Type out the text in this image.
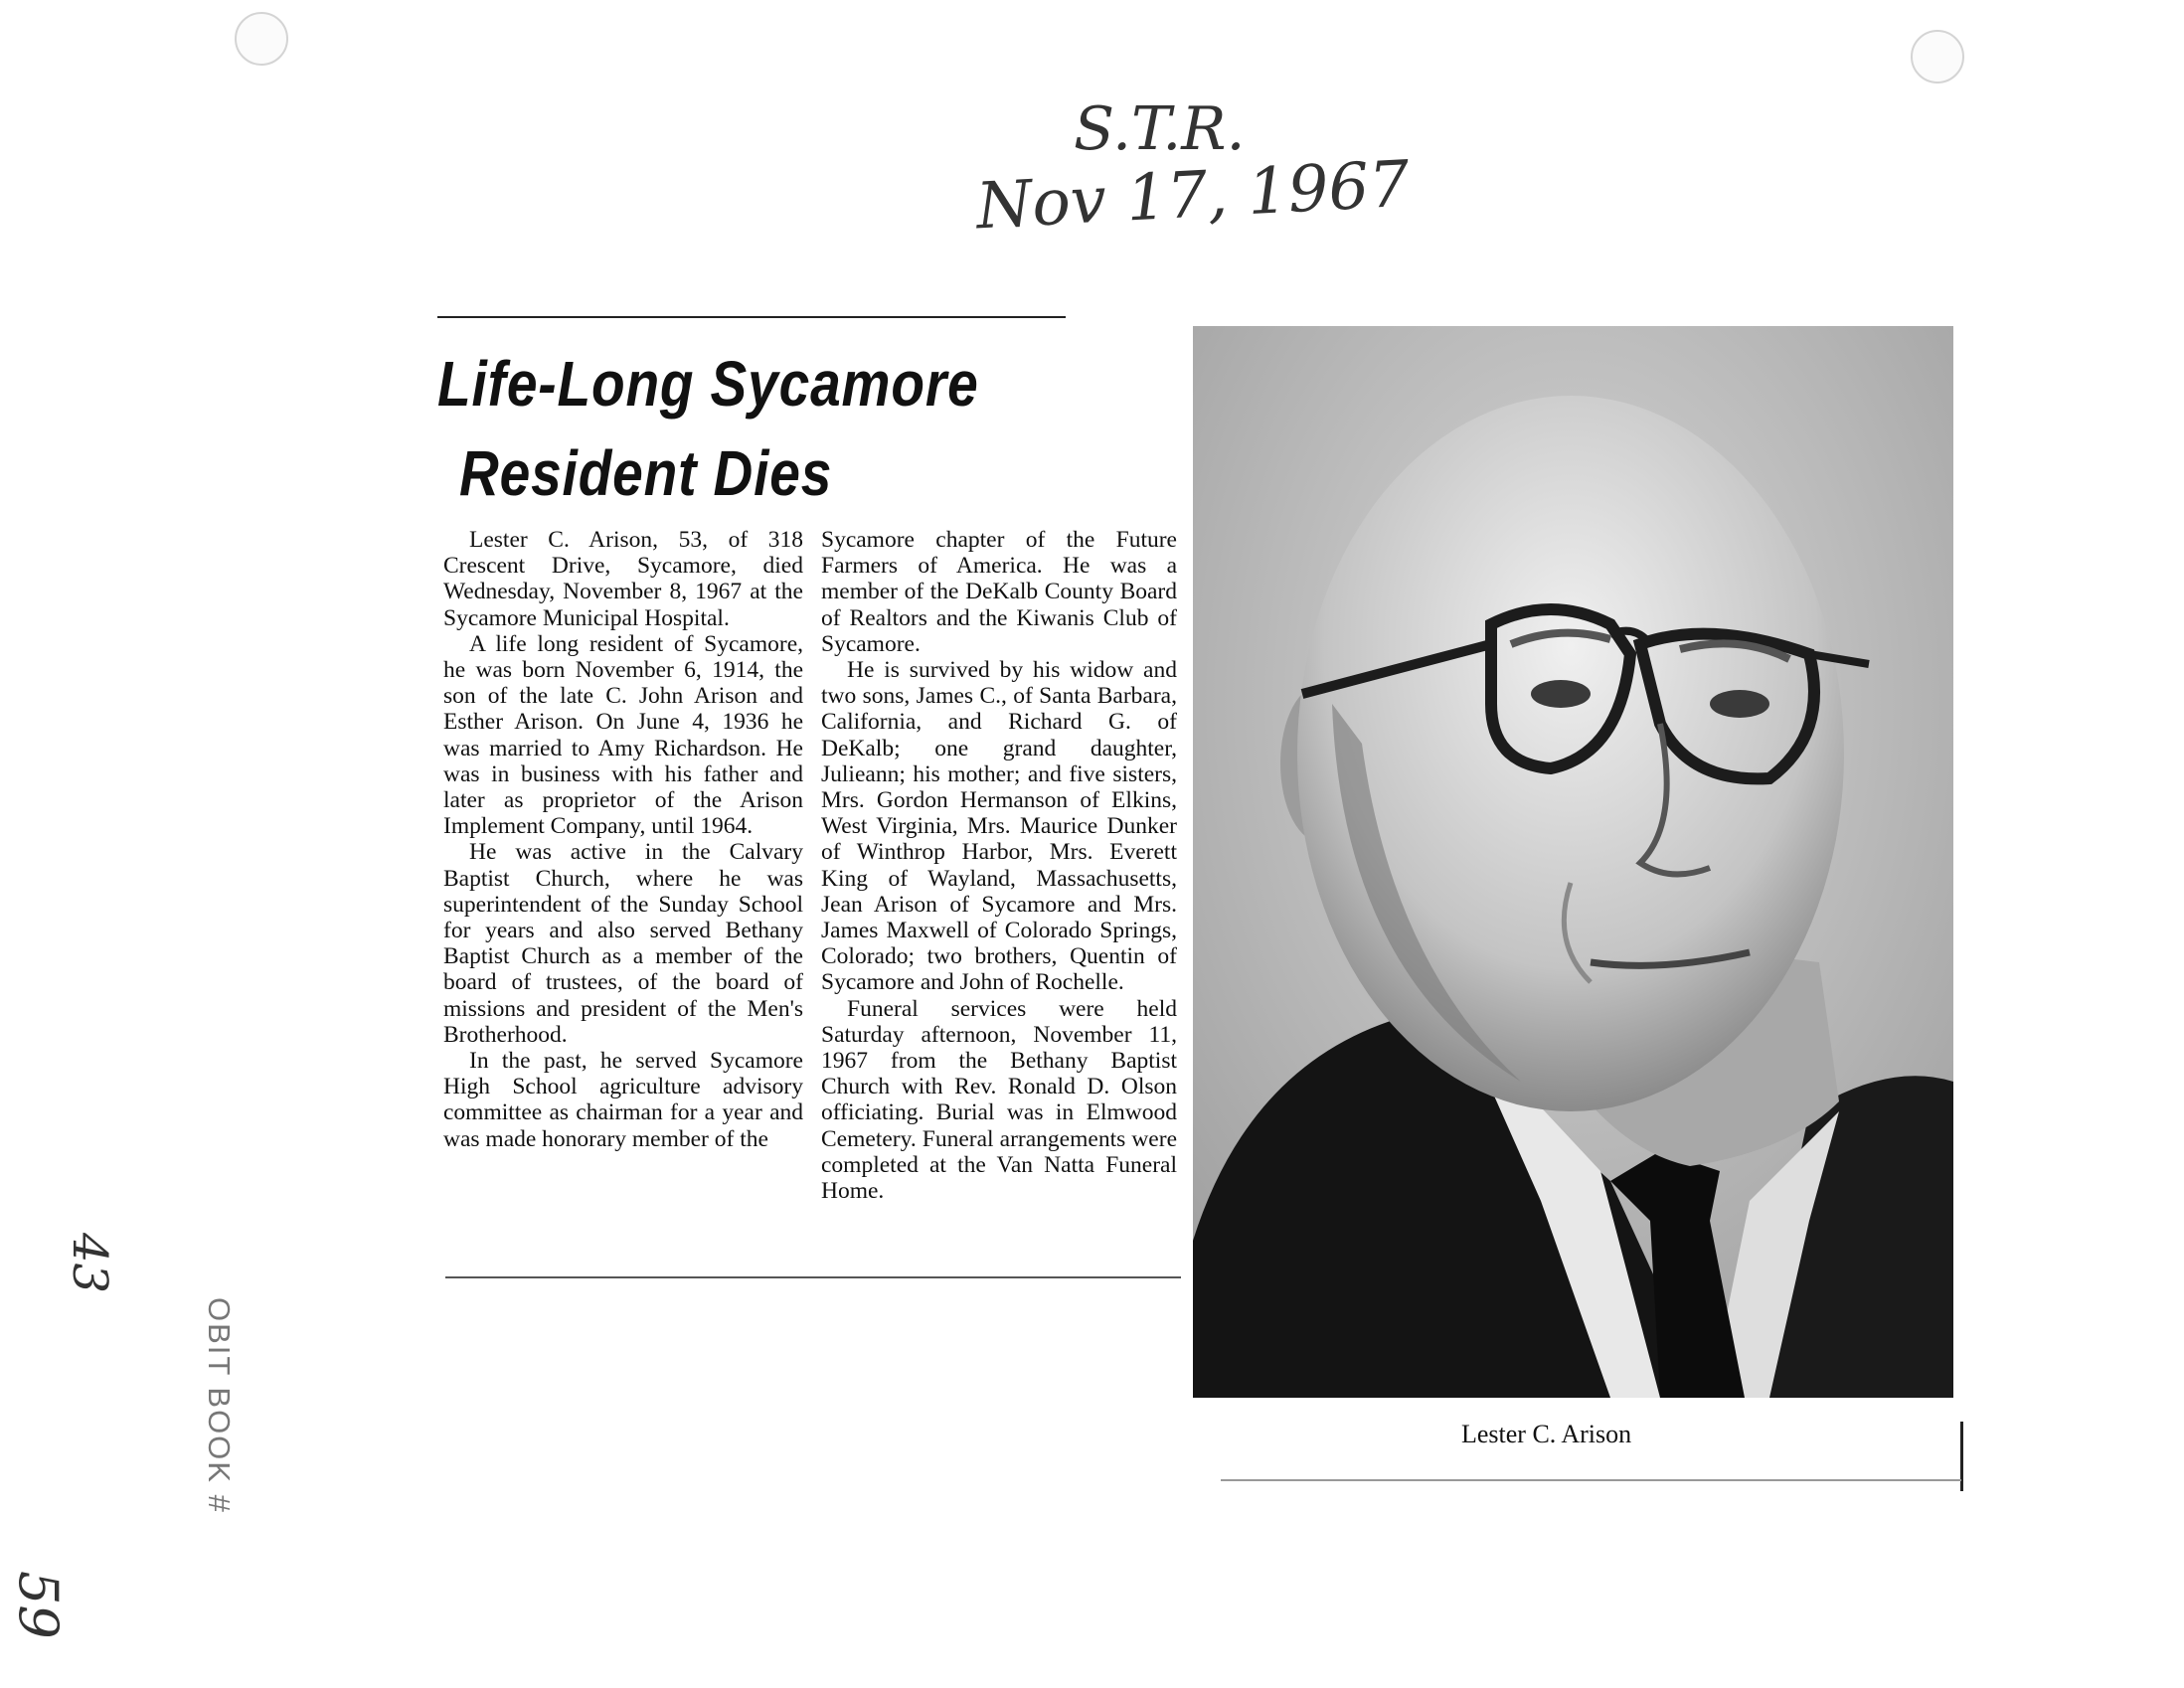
S.T.R.
Nov 17, 1967
Life-Long Sycamore
Resident Dies

Lester C. Arison, 53, of 318 Crescent Drive, Sycamore, died Wednesday, November 8, 1967 at the Sycamore Municipal Hospital.

A life long resident of Sycamore, he was born November 6, 1914, the son of the late C. John Arison and Esther Arison. On June 4, 1936 he was married to Amy Richardson. He was in business with his father and later as proprietor of the Arison Implement Company, until 1964.

He was active in the Calvary Baptist Church, where he was superintendent of the Sunday School for years and also served Bethany Baptist Church as a member of the board of trustees, of the board of missions and president of the Men's Brotherhood.

In the past, he served Sycamore High School agriculture advisory committee as chairman for a year and was made honorary member of the

Sycamore chapter of the Future Farmers of America. He was a member of the DeKalb County Board of Realtors and the Kiwanis Club of Sycamore.

He is survived by his widow and two sons, James C., of Santa Barbara, California, and Richard G. of DeKalb; one grand daughter, Julieann; his mother; and five sisters, Mrs. Gordon Hermanson of Elkins, West Virginia, Mrs. Maurice Dunker of Winthrop Harbor, Mrs. Everett King of Wayland, Massachusetts, Jean Arison of Sycamore and Mrs. James Maxwell of Colorado Springs, Colorado; two brothers, Quentin of Sycamore and John of Rochelle.

Funeral services were held Saturday afternoon, November 11, 1967 from the Bethany Baptist Church with Rev. Ronald D. Olson officiating. Burial was in Elmwood Cemetery. Funeral arrangements were completed at the Van Natta Funeral Home.

Lester C. Arison
OBIT BOOK #
43
59
